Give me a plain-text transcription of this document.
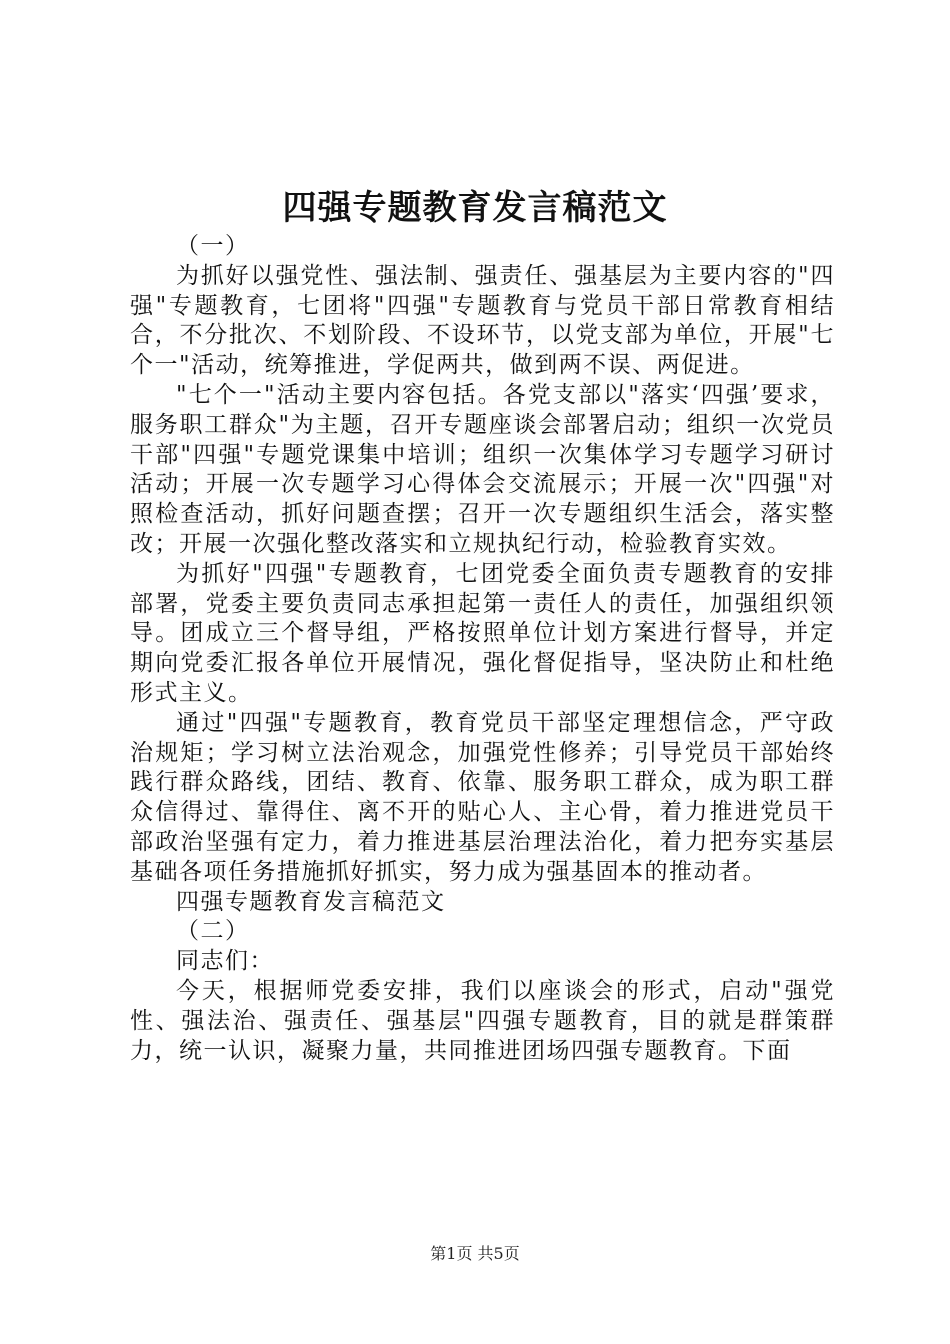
四强专题教育发言稿范文

（一）

为抓好以强党性、强法制、强责任、强基层为主要内容的"四强"专题教育，七团将"四强"专题教育与党员干部日常教育相结合，不分批次、不划阶段、不设环节，以党支部为单位，开展"七个一"活动，统筹推进，学促两共，做到两不误、两促进。

"七个一"活动主要内容包括。各党支部以"落实‘四强’要求，服务职工群众"为主题，召开专题座谈会部署启动；组织一次党员干部"四强"专题党课集中培训；组织一次集体学习专题学习研讨活动；开展一次专题学习心得体会交流展示；开展一次"四强"对照检查活动，抓好问题查摆；召开一次专题组织生活会，落实整改；开展一次强化整改落实和立规执纪行动，检验教育实效。

为抓好"四强"专题教育，七团党委全面负责专题教育的安排部署，党委主要负责同志承担起第一责任人的责任，加强组织领导。团成立三个督导组，严格按照单位计划方案进行督导，并定期向党委汇报各单位开展情况，强化督促指导，坚决防止和杜绝形式主义。

通过"四强"专题教育，教育党员干部坚定理想信念，严守政治规矩；学习树立法治观念，加强党性修养；引导党员干部始终践行群众路线，团结、教育、依靠、服务职工群众，成为职工群众信得过、靠得住、离不开的贴心人、主心骨，着力推进党员干部政治坚强有定力，着力推进基层治理法治化，着力把夯实基层基础各项任务措施抓好抓实，努力成为强基固本的推动者。

四强专题教育发言稿范文

（二）

同志们：

今天，根据师党委安排，我们以座谈会的形式，启动"强党性、强法治、强责任、强基层"四强专题教育，目的就是群策群力，统一认识，凝聚力量，共同推进团场四强专题教育。下面

第1页 共5页
